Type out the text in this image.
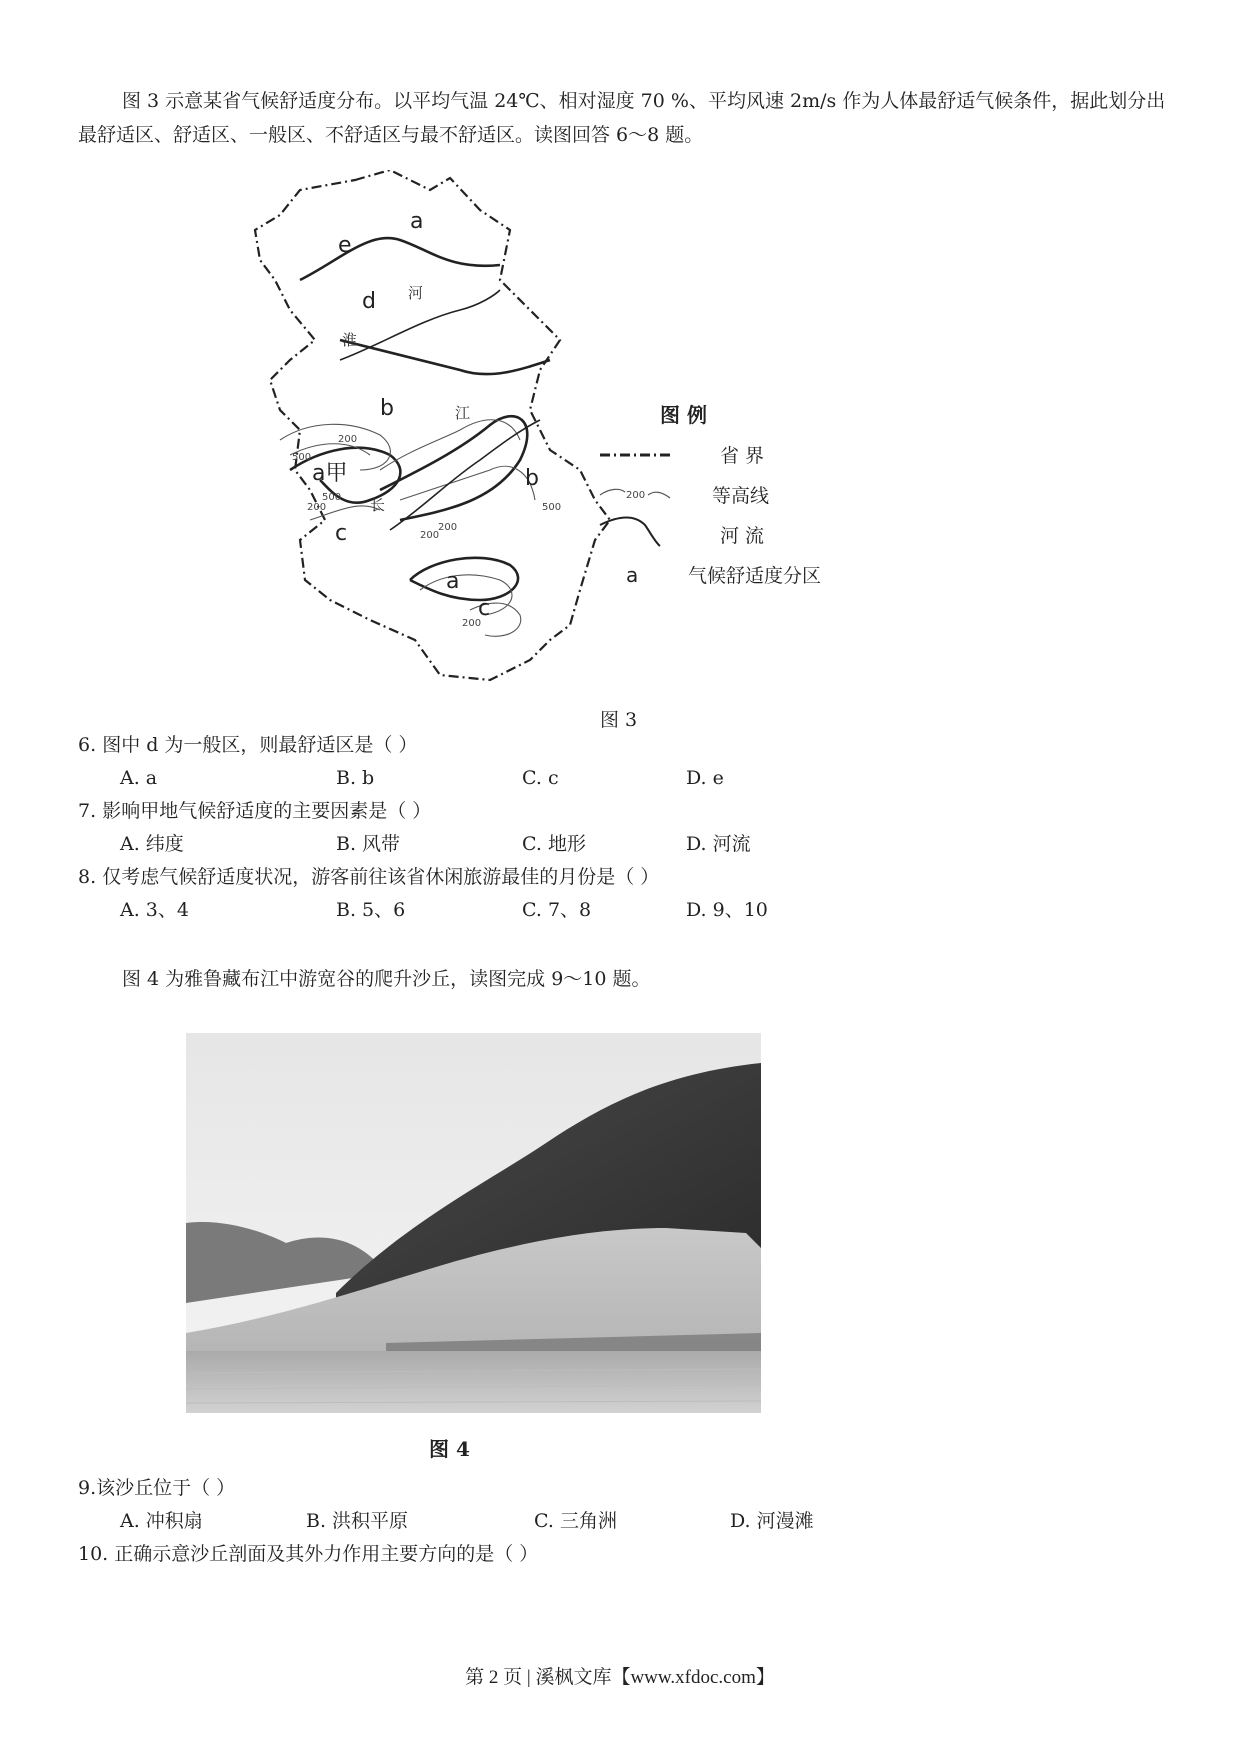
图 3 示意某省气候舒适度分布。以平均气温 24℃、相对湿度 70 %、平均风速 2m/s 作为人体最舒适气候条件，据此划分出最舒适区、舒适区、一般区、不舒适区与最不舒适区。读图回答 6～8 题。
a
e
d
b
a甲
c
b
a
c
淮
河
长
江
200
500
200
500
200
200
500
200
图 例
省 界
200	等高线
河 流
a	气候舒适度分区
图 3
6. 图中 d 为一般区，则最舒适区是（ ）
A. a	B. b	C. c	D. e
7. 影响甲地气候舒适度的主要因素是（ ）
A. 纬度	B. 风带	C. 地形	D. 河流
8. 仅考虑气候舒适度状况，游客前往该省休闲旅游最佳的月份是（ ）
A. 3、4	B. 5、6	C. 7、8	D. 9、10
图 4 为雅鲁藏布江中游宽谷的爬升沙丘，读图完成 9～10 题。
图 4
9.该沙丘位于（ ）
A. 冲积扇	B. 洪积平原	C. 三角洲	D. 河漫滩
10. 正确示意沙丘剖面及其外力作用主要方向的是（ ）
第 2 页 | 溪枫文库【www.xfdoc.com】
